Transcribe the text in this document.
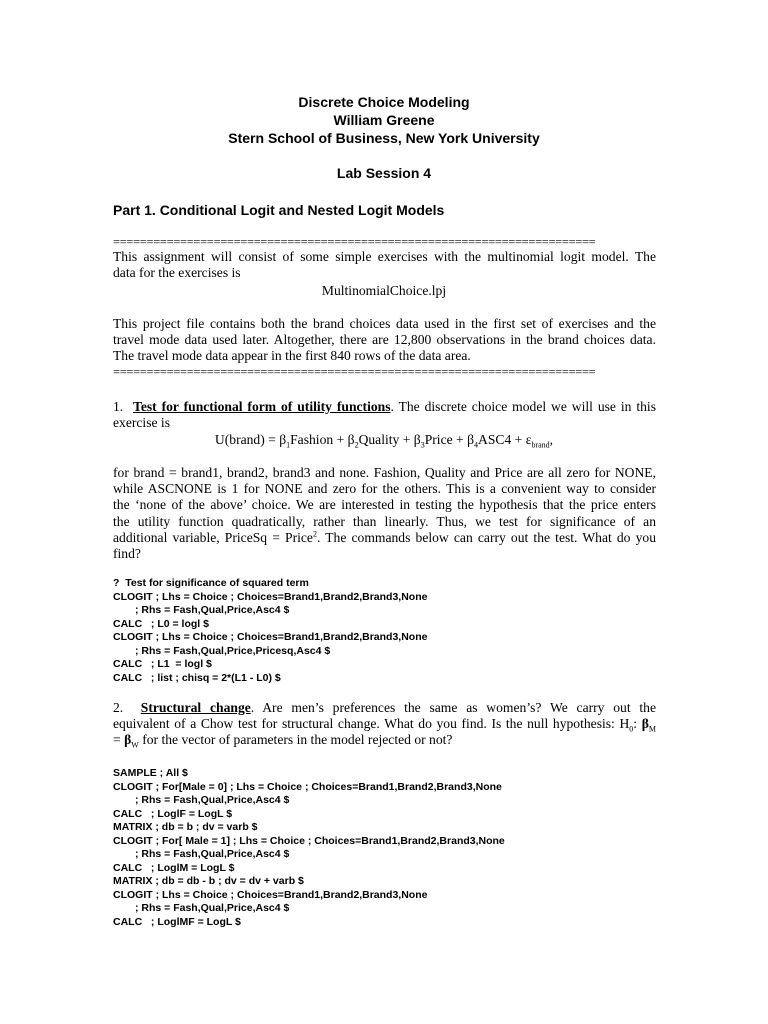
Discrete Choice Modeling
William Greene
Stern School of Business, New York University
Lab Session 4
Part 1. Conditional Logit and Nested Logit Models
========================================================================
This assignment will consist of some simple exercises with the multinomial logit model. The
data for the exercises is
MultinomialChoice.lpj
This project file contains both the brand choices data used in the first set of exercises and the
travel mode data used later. Altogether, there are 12,800 observations in the brand choices data.
The travel mode data appear in the first 840 rows of the data area.
========================================================================
1. Test for functional form of utility functions. The discrete choice model we will use in this
exercise is
U(brand) = $\beta_1Fashion$ + $\beta_2Quality$ + $\beta_3Price + \beta_4ASC4 + \varepsilon_{brand}$,
for brand = brand1, brand2, brand3 and none. Fashion, Quality and Price are all zero for NONE,
while ASCNONE is 1 for NONE and zero for the others. This is a convenient way to consider
the ‘none of the above’ choice. We are interested in testing the hypothesis that the price enters
the utility function quadratically, rather than linearly. Thus, we test for significance of an
additional variable, PriceSq = Price$^2$. The commands below can carry out the test. What do you
find?
?  Test for significance of squared term
CLOGIT ; Lhs = Choice ; Choices=Brand1,Brand2,Brand3,None
; Rhs = Fash,Qual,Price,Asc4 $
CALC   ; L0 = logl $
CLOGIT ; Lhs = Choice ; Choices=Brand1,Brand2,Brand3,None
; Rhs = Fash,Qual,Price,Pricesq,Asc4 $
CALC   ; L1  = logl $
CALC   ; list ; chisq = 2*(L1 - L0) $
2. Structural change. Are men’s preferences the same as women’s? We carry out the
equivalent of a Chow test for structural change. What do you find. Is the null hypothesis: $H_0$: $\beta_M$
= $\beta_W$ for the vector of parameters in the model rejected or not?
SAMPLE ; All $
CLOGIT ; For[Male = 0] ; Lhs = Choice ; Choices=Brand1,Brand2,Brand3,None
; Rhs = Fash,Qual,Price,Asc4 $
CALC   ; LoglF = LogL $
MATRIX ; db = b ; dv = varb $
CLOGIT ; For[ Male = 1] ; Lhs = Choice ; Choices=Brand1,Brand2,Brand3,None
; Rhs = Fash,Qual,Price,Asc4 $
CALC   ; LoglM = LogL $
MATRIX ; db = db - b ; dv = dv + varb $
CLOGIT ; Lhs = Choice ; Choices=Brand1,Brand2,Brand3,None
; Rhs = Fash,Qual,Price,Asc4 $
CALC   ; LoglMF = LogL $
